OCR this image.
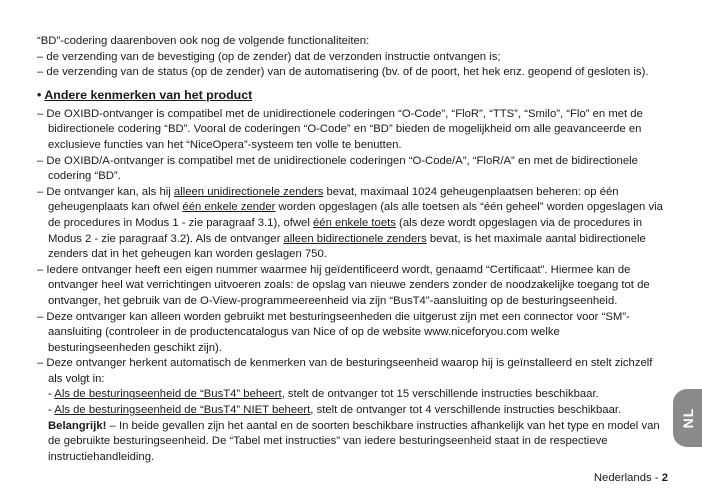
“BD”-codering daarenboven ook nog de volgende functionaliteiten:

– de verzending van de bevestiging (op de zender) dat de verzonden instructie ontvangen is;

– de verzending van de status (op de zender) van de automatisering (bv. of de poort, het hek enz. geopend of gesloten is).

• Andere kenmerken van het product

– De OXIBD-ontvanger is compatibel met de unidirectionele coderingen “O-Code”, “FloR”, “TTS”, “Smilo”, “Flo” en met de bidirectionele codering “BD”. Vooral de coderingen “O-Code” en “BD” bieden de mogelijkheid om alle geavanceerde en exclusieve functies van het “NiceOpera”-systeem ten volle te benutten.

– De OXIBD/A-ontvanger is compatibel met de unidirectionele coderingen “O-Code/A”, “FloR/A” en met de bidirectionele codering “BD”.

– De ontvanger kan, als hij alleen unidirectionele zenders bevat, maximaal 1024 geheugenplaatsen beheren: op één geheugenplaats kan ofwel één enkele zender worden opgeslagen (als alle toetsen als “één geheel” worden opgeslagen via de procedures in Modus 1 - zie paragraaf 3.1), ofwel één enkele toets (als deze wordt opgeslagen via de procedures in Modus 2 - zie paragraaf 3.2). Als de ontvanger alleen bidirectionele zenders bevat, is het maximale aantal bidirectionele zenders dat in het geheugen kan worden geslagen 750.

– Iedere ontvanger heeft een eigen nummer waarmee hij geïdentificeerd wordt, genaamd “Certificaat”. Hiermee kan de ontvanger heel wat verrichtingen uitvoeren zoals: de opslag van nieuwe zenders zonder de noodzakelijke toegang tot de ontvanger, het gebruik van de O-View-programmeereenheid via zijn “BusT4”-aansluiting op de besturingseenheid.

– Deze ontvanger kan alleen worden gebruikt met besturingseenheden die uitgerust zijn met een connector voor “SM”-aansluiting (controleer in de productencatalogus van Nice of op de website www.niceforyou.com welke besturingseenheden geschikt zijn).

– Deze ontvanger herkent automatisch de kenmerken van de besturingseenheid waarop hij is geïnstalleerd en stelt zichzelf als volgt in:

- Als de besturingseenheid de “BusT4” beheert, stelt de ontvanger tot 15 verschillende instructies beschikbaar.

- Als de besturingseenheid de “BusT4” NIET beheert, stelt de ontvanger tot 4 verschillende instructies beschikbaar.

Belangrijk! – In beide gevallen zijn het aantal en de soorten beschikbare instructies afhankelijk van het type en model van de gebruikte besturingseenheid. De “Tabel met instructies” van iedere besturingseenheid staat in de respectieve instructiehandleiding.

NL
Nederlands - 2
